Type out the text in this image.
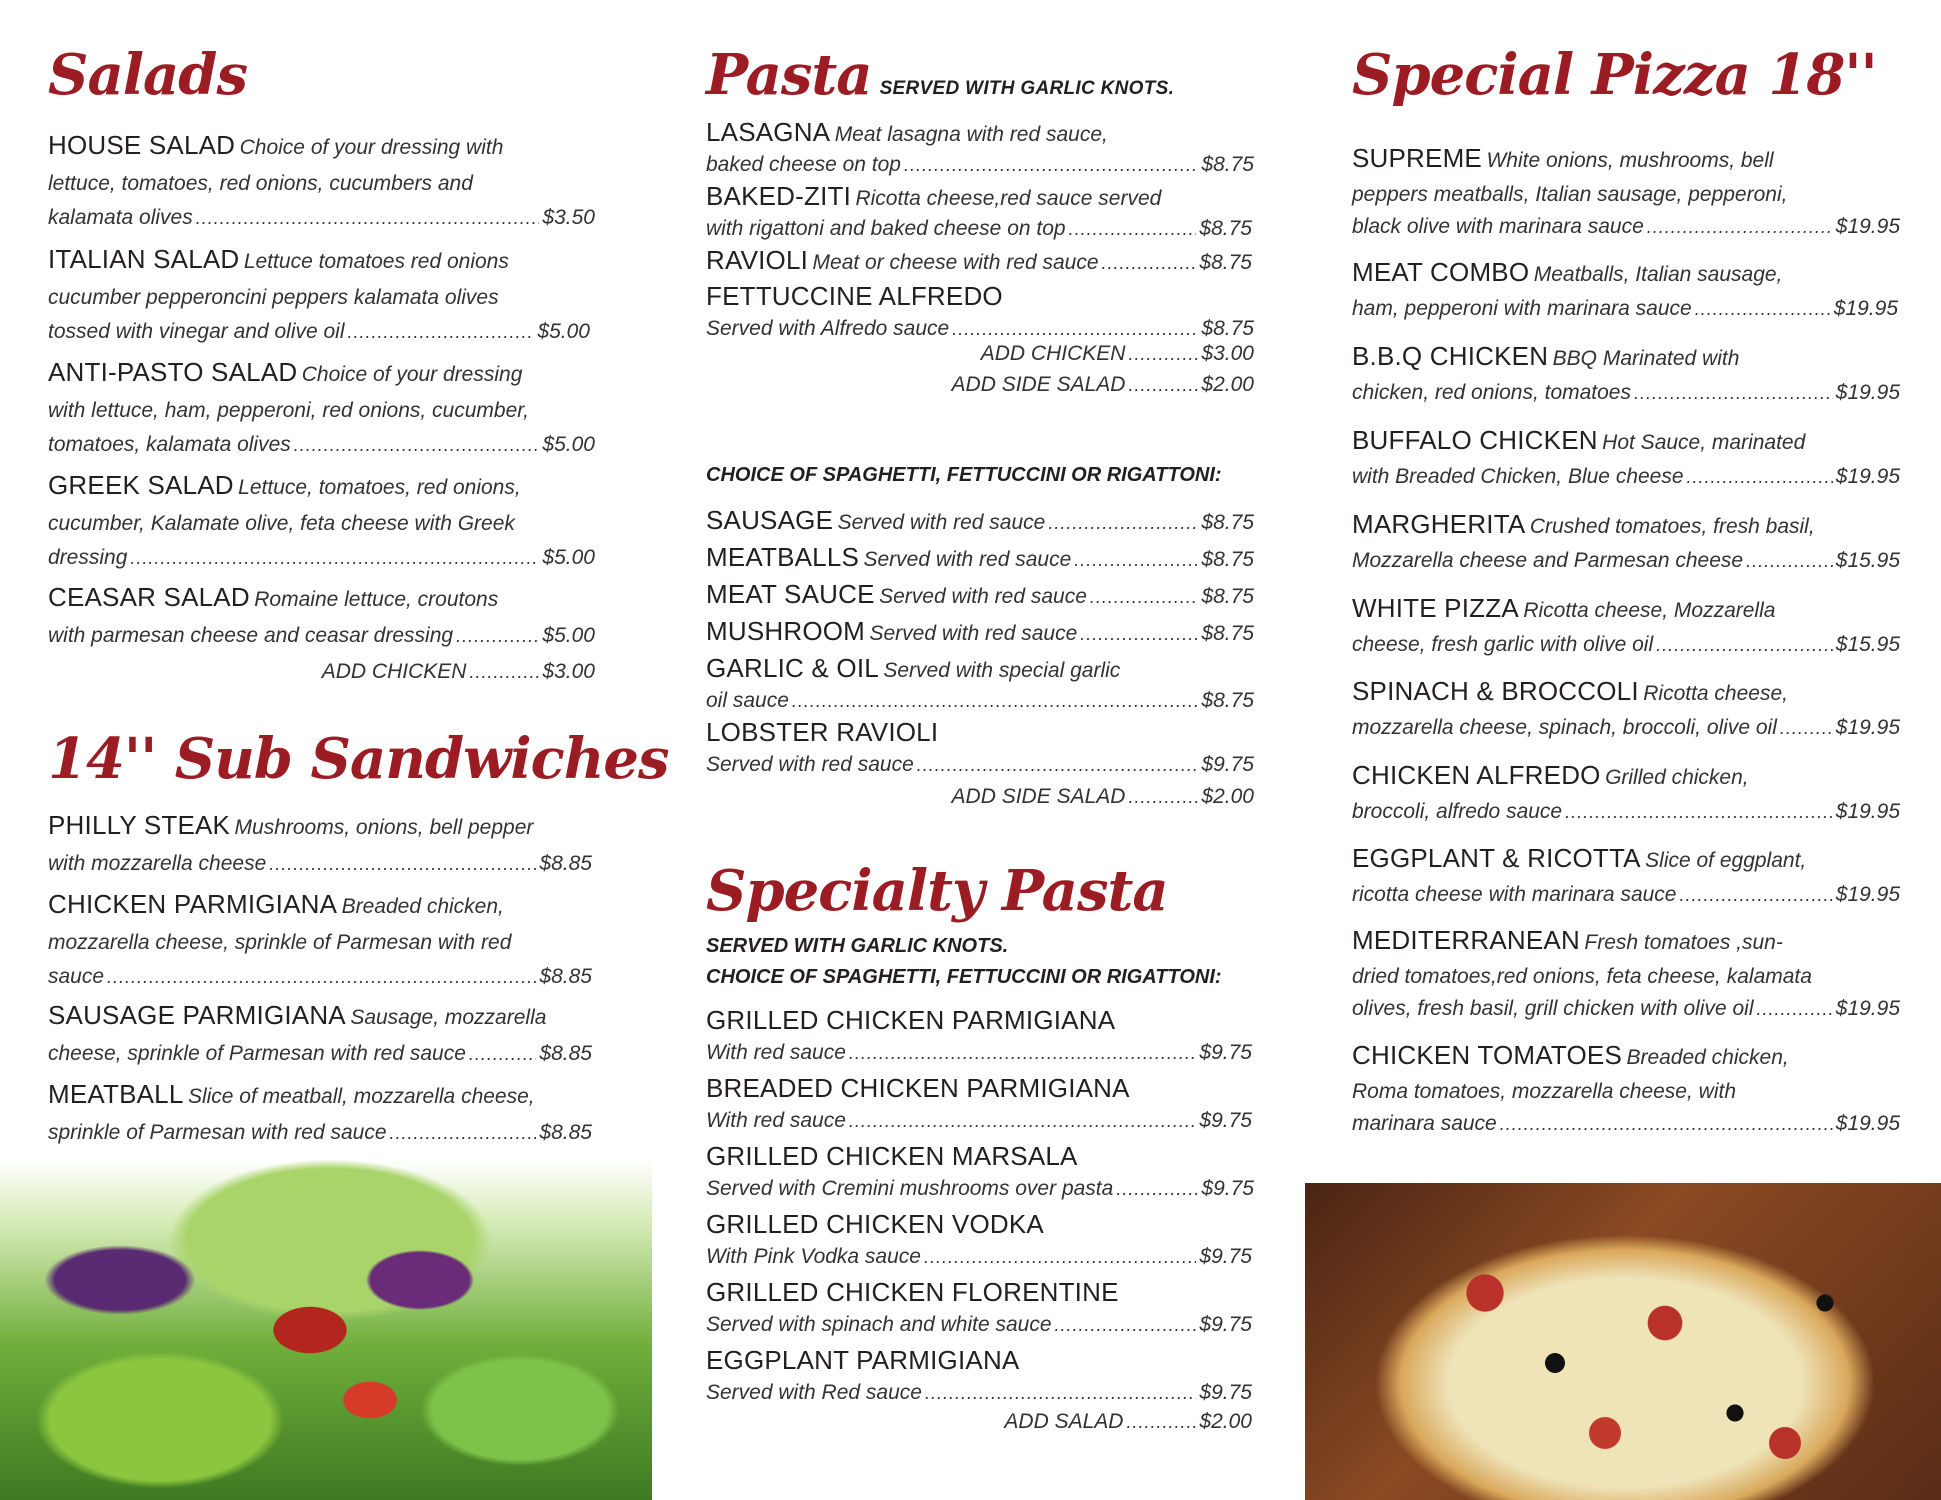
Salads
HOUSE SALAD Choice of your dressing with
lettuce, tomatoes, red onions, cucumbers and
kalamata olives .....	$3.50
ITALIAN SALAD Lettuce tomatoes red onions
cucumber pepperoncini peppers kalamata olives
tossed with vinegar and olive oil .....	$5.00
ANTI-PASTO SALAD Choice of your dressing
with lettuce, ham, pepperoni, red onions, cucumber,
tomatoes, kalamata olives .....	$5.00
GREEK SALAD Lettuce, tomatoes, red onions,
cucumber, Kalamate olive, feta cheese with Greek
dressing .....	$5.00
CEASAR SALAD Romaine lettuce, croutons
with parmesan cheese and ceasar dressing .....	$5.00
ADD CHICKEN .....	$3.00
14'' Sub Sandwiches
PHILLY STEAK Mushrooms, onions, bell pepper
with mozzarella cheese .....	$8.85
CHICKEN PARMIGIANA Breaded chicken,
mozzarella cheese, sprinkle of Parmesan with red
sauce .....	$8.85
SAUSAGE PARMIGIANA Sausage, mozzarella
cheese, sprinkle of Parmesan with red sauce .....	$8.85
MEATBALL Slice of meatball, mozzarella cheese,
sprinkle of Parmesan with red sauce .....	$8.85
Pasta SERVED WITH GARLIC KNOTS.
LASAGNA Meat lasagna with red sauce,
baked cheese on top .....	$8.75
BAKED-ZITI Ricotta cheese,red sauce served
with rigattoni and baked cheese on top .....	$8.75
RAVIOLI
Meat or cheese with red sauce .....	$8.75
FETTUCCINE ALFREDO
Served with Alfredo sauce .....	$8.75
ADD CHICKEN .....	$3.00
ADD SIDE SALAD .....	$2.00
CHOICE OF SPAGHETTI, FETTUCCINI OR RIGATTONI:
SAUSAGE
Served with red sauce .....	$8.75
MEATBALLS
Served with red sauce .....	$8.75
MEAT SAUCE
Served with red sauce .....	$8.75
MUSHROOM
Served with red sauce .....	$8.75
GARLIC & OIL Served with special garlic
oil sauce .....	$8.75
LOBSTER RAVIOLI
Served with red sauce .....	$9.75
ADD SIDE SALAD .....	$2.00
Specialty Pasta
SERVED WITH GARLIC KNOTS.
CHOICE OF SPAGHETTI, FETTUCCINI OR RIGATTONI:
GRILLED CHICKEN PARMIGIANA
With red sauce .....	$9.75
BREADED CHICKEN PARMIGIANA
With red sauce .....	$9.75
GRILLED CHICKEN MARSALA
Served with Cremini mushrooms over pasta .....	$9.75
GRILLED CHICKEN VODKA
With Pink Vodka sauce .....	$9.75
GRILLED CHICKEN FLORENTINE
Served with spinach and white sauce .....	$9.75
EGGPLANT PARMIGIANA
Served with Red sauce .....	$9.75
ADD SALAD .....	$2.00
Special Pizza 18''
SUPREME White onions, mushrooms, bell
peppers meatballs, Italian sausage, pepperoni,
black olive with marinara sauce .....	$19.95
MEAT COMBO Meatballs, Italian sausage,
ham, pepperoni with marinara sauce .....	$19.95
B.B.Q CHICKEN BBQ Marinated with
chicken, red onions, tomatoes .....	$19.95
BUFFALO CHICKEN Hot Sauce, marinated
with Breaded Chicken, Blue cheese .....	$19.95
MARGHERITA Crushed tomatoes, fresh basil,
Mozzarella cheese and Parmesan cheese .....	$15.95
WHITE PIZZA Ricotta cheese, Mozzarella
cheese, fresh garlic with olive oil .....	$15.95
SPINACH & BROCCOLI Ricotta cheese,
mozzarella cheese, spinach, broccoli, olive oil .....	$19.95
CHICKEN ALFREDO Grilled chicken,
broccoli, alfredo sauce .....	$19.95
EGGPLANT & RICOTTA Slice of eggplant,
ricotta cheese with marinara sauce .....	$19.95
MEDITERRANEAN Fresh tomatoes ,sun-
dried tomatoes,red onions, feta cheese, kalamata
olives, fresh basil, grill chicken with olive oil .....	$19.95
CHICKEN TOMATOES Breaded chicken,
Roma tomatoes, mozzarella cheese, with
marinara sauce .....	$19.95
